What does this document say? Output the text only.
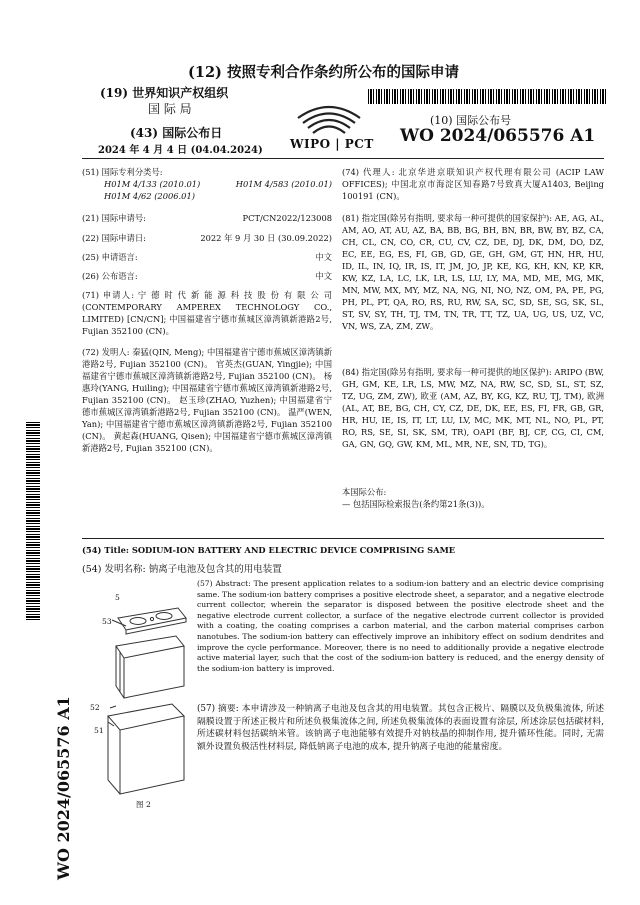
(12) 按照专利合作条约所公布的国际申请
(19) 世界知识产权组织
国 际 局
(43) 国际公布日
2024 年 4 月 4 日 (04.04.2024) WIPO | PCT
(10) 国际公布号
WO 2024/065576 A1
(51) 国际专利分类号:
H01M 4/133 (2010.01)	H01M 4/583 (2010.01)
H01M 4/62 (2006.01)
(21) 国际申请号:	PCT/CN2022/123008
(22) 国际申请日:	2022 年 9 月 30 日 (30.09.2022)
(25) 申请语言:	中文
(26) 公布语言:	中文
(71) 申请人: 宁 德 时 代 新 能 源 科 技 股 份 有 限 公 司 (CONTEMPORARY AMPEREX TECHNOLOGY CO., LIMITED) [CN/CN]; 中国福建省宁德市蕉城区漳湾镇新港路2号, Fujian 352100 (CN)。
(72) 发明人: 秦猛(QIN, Meng); 中国福建省宁德市蕉城区漳湾镇新港路2号, Fujian 352100 (CN)。 官英杰(GUAN, Yingjie); 中国福建省宁德市蕉城区漳湾镇新港路2号, Fujian 352100 (CN)。 杨惠玲(YANG, Huiling); 中国福建省宁德市蕉城区漳湾镇新港路2号, Fujian 352100 (CN)。 赵玉珍(ZHAO, Yuzhen); 中国福建省宁德市蕉城区漳湾镇新港路2号, Fujian 352100 (CN)。 温严(WEN, Yan); 中国福建省宁德市蕉城区漳湾镇新港路2号, Fujian 352100 (CN)。 黄起森(HUANG, Qisen); 中国福建省宁德市蕉城区漳湾镇新港路2号, Fujian 352100 (CN)。
(74) 代理人: 北京华进京联知识产权代理有限公司 (ACIP LAW OFFICES); 中国北京市海淀区知春路7号致真大厦A1403, Beijing 100191 (CN)。
(81) 指定国(除另有指明, 要求每一种可提供的国家保护): AE, AG, AL, AM, AO, AT, AU, AZ, BA, BB, BG, BH, BN, BR, BW, BY, BZ, CA, CH, CL, CN, CO, CR, CU, CV, CZ, DE, DJ, DK, DM, DO, DZ, EC, EE, EG, ES, FI, GB, GD, GE, GH, GM, GT, HN, HR, HU, ID, IL, IN, IQ, IR, IS, IT, JM, JO, JP, KE, KG, KH, KN, KP, KR, KW, KZ, LA, LC, LK, LR, LS, LU, LY, MA, MD, ME, MG, MK, MN, MW, MX, MY, MZ, NA, NG, NI, NO, NZ, OM, PA, PE, PG, PH, PL, PT, QA, RO, RS, RU, RW, SA, SC, SD, SE, SG, SK, SL, ST, SV, SY, TH, TJ, TM, TN, TR, TT, TZ, UA, UG, US, UZ, VC, VN, WS, ZA, ZM, ZW。
(84) 指定国(除另有指明, 要求每一种可提供的地区保护): ARIPO (BW, GH, GM, KE, LR, LS, MW, MZ, NA, RW, SC, SD, SL, ST, SZ, TZ, UG, ZM, ZW), 欧亚 (AM, AZ, BY, KG, KZ, RU, TJ, TM), 欧洲 (AL, AT, BE, BG, CH, CY, CZ, DE, DK, EE, ES, FI, FR, GB, GR, HR, HU, IE, IS, IT, LT, LU, LV, MC, MK, MT, NL, NO, PL, PT, RO, RS, SE, SI, SK, SM, TR), OAPI (BF, BJ, CF, CG, CI, CM, GA, GN, GQ, GW, KM, ML, MR, NE, SN, TD, TG)。
本国际公布:
— 包括国际检索报告(条约第21条(3))。
(54) Title: SODIUM-ION BATTERY AND ELECTRIC DEVICE COMPRISING SAME
(54) 发明名称: 钠离子电池及包含其的用电装置
5
53
52
51
图 2
(57) Abstract: The present application relates to a sodium-ion battery and an electric device comprising same. The sodium-ion battery comprises a positive electrode sheet, a separator, and a negative electrode current collector, wherein the separator is disposed between the positive electrode sheet and the negative electrode current collector, a surface of the negative electrode current collector is provided with a coating, the coating comprises a carbon material, and the carbon material comprises carbon nanotubes. The sodium-ion battery can effectively improve an inhibitory effect on sodium dendrites and improve the cycle performance. Moreover, there is no need to additionally provide a negative electrode active material layer, such that the cost of the sodium-ion battery is reduced, and the energy density of the sodium-ion battery is improved.
(57) 摘要: 本申请涉及一种钠离子电池及包含其的用电装置。其包含正极片、隔膜以及负极集流体, 所述隔膜设置于所述正极片和所述负极集流体之间, 所述负极集流体的表面设置有涂层, 所述涂层包括碳材料, 所述碳材料包括碳纳米管。该钠离子电池能够有效提升对钠枝晶的抑制作用, 提升循环性能。同时, 无需额外设置负极活性材料层, 降低钠离子电池的成本, 提升钠离子电池的能量密度。
WO 2024/065576 A1
